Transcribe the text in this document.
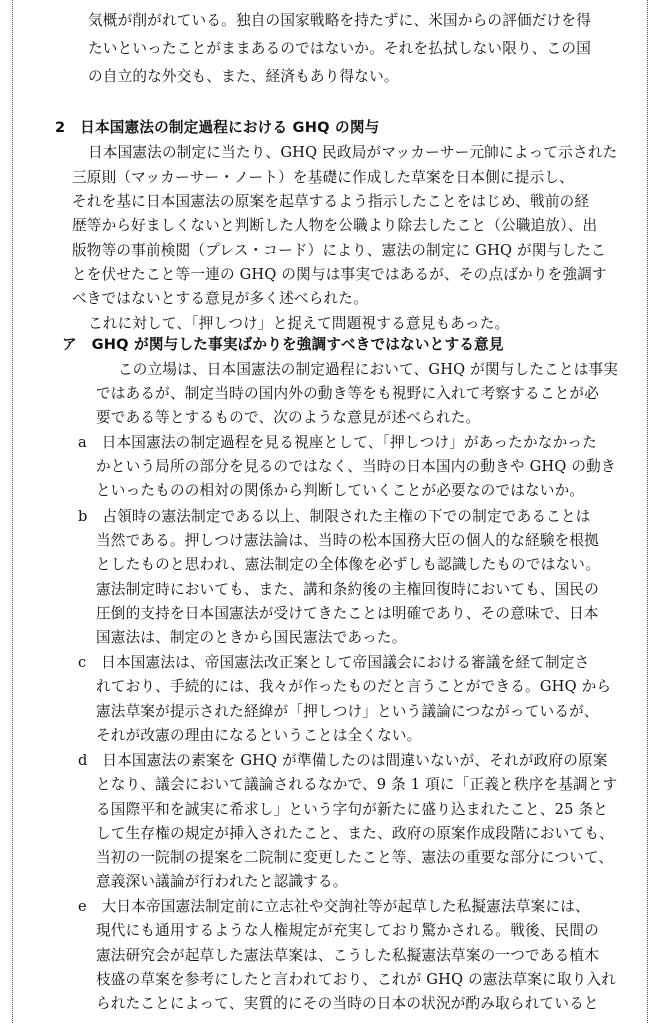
気概が削がれている。独自の国家戦略を持たずに、米国からの評価だけを得
たいといったことがままあるのではないか。それを払拭しない限り、この国
の自立的な外交も、また、経済もあり得ない。
2　日本国憲法の制定過程における GHQ の関与
日本国憲法の制定に当たり、GHQ 民政局がマッカーサー元帥によって示された
三原則（マッカーサー・ノート）を基礎に作成した草案を日本側に提示し、
それを基に日本国憲法の原案を起草するよう指示したことをはじめ、戦前の経
歴等から好ましくないと判断した人物を公職より除去したこと（公職追放）、出
版物等の事前検閲（プレス・コード）により、憲法の制定に GHQ が関与したこ
とを伏せたこと等一連の GHQ の関与は事実ではあるが、その点ばかりを強調す
べきではないとする意見が多く述べられた。
これに対して、「押しつけ」と捉えて問題視する意見もあった。
ア　GHQ が関与した事実ばかりを強調すべきではないとする意見
この立場は、日本国憲法の制定過程において、GHQ が関与したことは事実
ではあるが、制定当時の国内外の動き等をも視野に入れて考察することが必
要である等とするもので、次のような意見が述べられた。
a　日本国憲法の制定過程を見る視座として、「押しつけ」があったかなかった
かという局所の部分を見るのではなく、当時の日本国内の動きや GHQ の動き
といったものの相対の関係から判断していくことが必要なのではないか。
b　占領時の憲法制定である以上、制限された主権の下での制定であることは
当然である。押しつけ憲法論は、当時の松本国務大臣の個人的な経験を根拠
としたものと思われ、憲法制定の全体像を必ずしも認識したものではない。
憲法制定時においても、また、講和条約後の主権回復時においても、国民の
圧倒的支持を日本国憲法が受けてきたことは明確であり、その意味で、日本
国憲法は、制定のときから国民憲法であった。
c　日本国憲法は、帝国憲法改正案として帝国議会における審議を経て制定さ
れており、手続的には、我々が作ったものだと言うことができる。GHQ から
憲法草案が提示された経緯が「押しつけ」という議論につながっているが、
それが改憲の理由になるということは全くない。
d　日本国憲法の素案を GHQ が準備したのは間違いないが、それが政府の原案
となり、議会において議論されるなかで、9 条 1 項に「正義と秩序を基調とす
る国際平和を誠実に希求し」という字句が新たに盛り込まれたこと、25 条と
して生存権の規定が挿入されたこと、また、政府の原案作成段階においても、
当初の一院制の提案を二院制に変更したこと等、憲法の重要な部分について、
意義深い議論が行われたと認識する。
e　大日本帝国憲法制定前に立志社や交詢社等が起草した私擬憲法草案には、
現代にも通用するような人権規定が充実しており驚かされる。戦後、民間の
憲法研究会が起草した憲法草案は、こうした私擬憲法草案の一つである植木
枝盛の草案を参考にしたと言われており、これが GHQ の憲法草案に取り入れ
られたことによって、実質的にその当時の日本の状況が酌み取られていると
